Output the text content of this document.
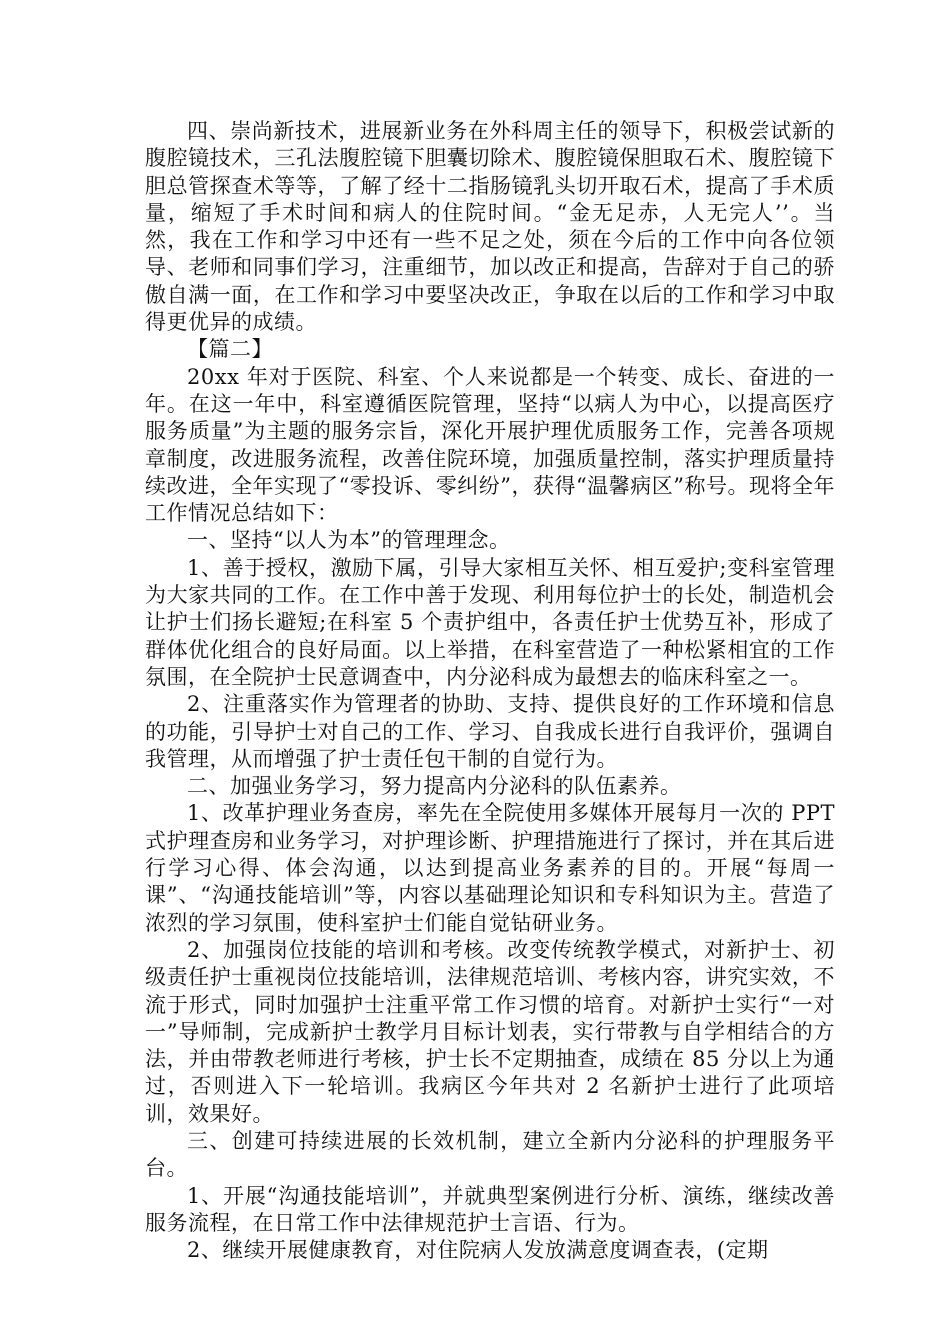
四、崇尚新技术，进展新业务在外科周主任的领导下，积极尝试新的腹腔镜技术，三孔法腹腔镜下胆囊切除术、腹腔镜保胆取石术、腹腔镜下胆总管探查术等等，了解了经十二指肠镜乳头切开取石术，提高了手术质量，缩短了手术时间和病人的住院时间。“金无足赤，人无完人’’。当然，我在工作和学习中还有一些不足之处，须在今后的工作中向各位领导、老师和同事们学习，注重细节，加以改正和提高，告辞对于自己的骄傲自满一面，在工作和学习中要坚决改正，争取在以后的工作和学习中取得更优异的成绩。

【篇二】

20xx 年对于医院、科室、个人来说都是一个转变、成长、奋进的一年。在这一年中，科室遵循医院管理，坚持“以病人为中心，以提高医疗服务质量”为主题的服务宗旨，深化开展护理优质服务工作，完善各项规章制度，改进服务流程，改善住院环境，加强质量控制，落实护理质量持续改进，全年实现了“零投诉、零纠纷”，获得“温馨病区”称号。现将全年工作情况总结如下：

一、坚持“以人为本”的管理理念。

1、善于授权，激励下属，引导大家相互关怀、相互爱护;变科室管理为大家共同的工作。在工作中善于发现、利用每位护士的长处，制造机会让护士们扬长避短;在科室 5 个责护组中，各责任护士优势互补，形成了群体优化组合的良好局面。以上举措，在科室营造了一种松紧相宜的工作氛围，在全院护士民意调查中，内分泌科成为最想去的临床科室之一。

2、注重落实作为管理者的协助、支持、提供良好的工作环境和信息的功能，引导护士对自己的工作、学习、自我成长进行自我评价，强调自我管理，从而增强了护士责任包干制的自觉行为。

二、加强业务学习，努力提高内分泌科的队伍素养。

1、改革护理业务查房，率先在全院使用多媒体开展每月一次的 PPT 式护理查房和业务学习，对护理诊断、护理措施进行了探讨，并在其后进行学习心得、体会沟通，以达到提高业务素养的目的。开展“每周一课”、“沟通技能培训”等，内容以基础理论知识和专科知识为主。营造了浓烈的学习氛围，使科室护士们能自觉钻研业务。

2、加强岗位技能的培训和考核。改变传统教学模式，对新护士、初级责任护士重视岗位技能培训，法律规范培训、考核内容，讲究实效，不流于形式，同时加强护士注重平常工作习惯的培育。对新护士实行“一对一”导师制，完成新护士教学月目标计划表，实行带教与自学相结合的方法，并由带教老师进行考核，护士长不定期抽查，成绩在 85 分以上为通过，否则进入下一轮培训。我病区今年共对 2 名新护士进行了此项培训，效果好。

三、创建可持续进展的长效机制，建立全新内分泌科的护理服务平台。

1、开展“沟通技能培训”，并就典型案例进行分析、演练，继续改善服务流程，在日常工作中法律规范护士言语、行为。

2、继续开展健康教育，对住院病人发放满意度调查表，(定期
